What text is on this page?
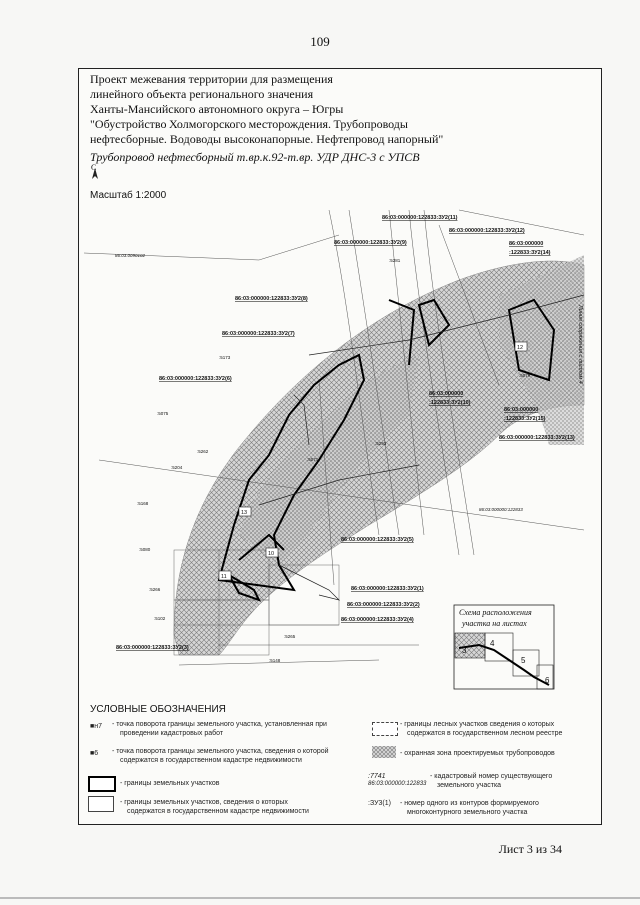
109
Проект межевания территории для размещения
линейного объекта регионального значения
Ханты-Мансийского автономного округа – Югры
"Обустройство Холмогорского месторождения. Трубопроводы
нефтесборные. Водоводы высоконапорные. Нефтепровод напорный"
Трубопровод нефтесборный т.вр.к.92-т.вр. УДР ДНС-3 с УПСВ
С
Масштаб 1:2000
86:03:000000:122833:ЗУ2(11)
86:03:000000:122833:ЗУ2(12)
86:03:000000:122833:ЗУ2(9)	86:03:000000
:122833:ЗУ2(14)
86:03:0090102
:5281
86:03:000000:122833:ЗУ2(8)
86:03:000000:122833:ЗУ2(7)
:5173
86:03:000000:122833:ЗУ2(6)
:5079
86:03:000000
:122833:ЗУ2(10)
86:03:000000
:122833:ЗУ2(15)
:5075
86:03:000000:122833:ЗУ2(13)
:5293
:5262
:5071
:5204
:5168
86:03:000000:122833
86:03:000000:122833:ЗУ2(5)
:5080
86:03:000000:122833:ЗУ2(1)
:5266
86:03:000000:122833:ЗУ2(2)
:5102	86:03:000000:122833:ЗУ2(4)
:5265
86:03:000000:122833:ЗУ2(3)
:5148
Линия сопряжения с листом 4
12
13
10
11
Схема расположения
участка на листах
3
4
5
6
УСЛОВНЫЕ ОБОЗНАЧЕНИЯ
■н7 - точка поворота границы земельного участка, установленная при
проведении кадастровых работ
■6 - точка поворота границы земельного участка, сведения о которой
содержатся в государственном кадастре недвижимости
- границы земельных участков
- границы земельных участков, сведения о которых
содержатся в государственном кадастре недвижимости
- границы лесных участков сведения о которых
содержатся в государственном лесном реестре
- охранная зона проектируемых трубопроводов
:7741
86:03:000000:122833
- кадастровый номер существующего
земельного участка
:ЗУ3(1) - номер одного из контуров формируемого
многоконтурного земельного участка
Лист 3 из 34
